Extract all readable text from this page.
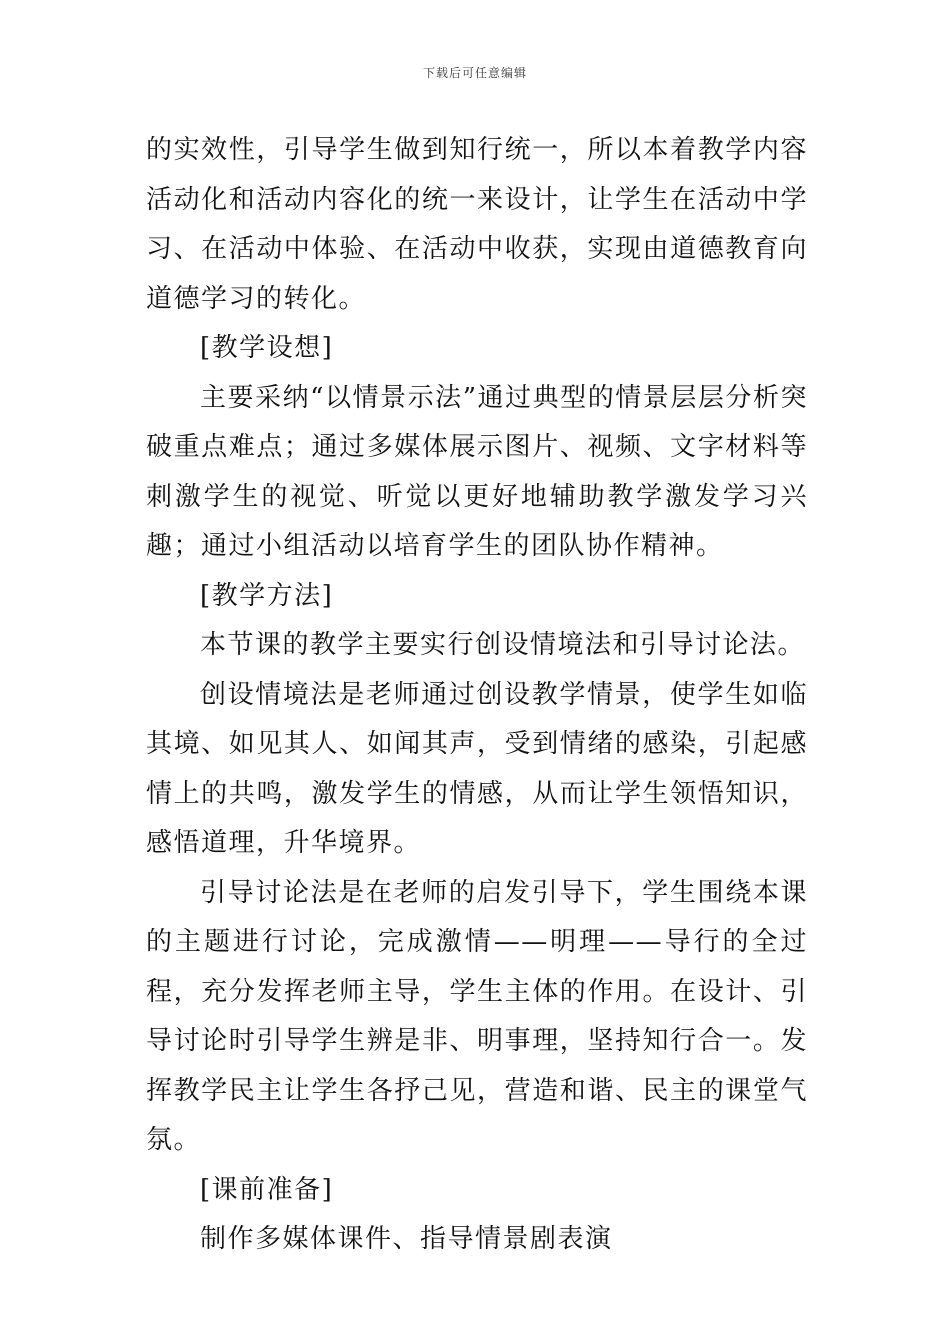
下载后可任意编辑

的实效性，引导学生做到知行统一，所以本着教学内容活动化和活动内容化的统一来设计，让学生在活动中学习、在活动中体验、在活动中收获，实现由道德教育向道德学习的转化。

[教学设想]

主要采纳“以情景示法”通过典型的情景层层分析突破重点难点；通过多媒体展示图片、视频、文字材料等刺激学生的视觉、听觉以更好地辅助教学激发学习兴趣；通过小组活动以培育学生的团队协作精神。

[教学方法]

本节课的教学主要实行创设情境法和引导讨论法。

创设情境法是老师通过创设教学情景，使学生如临其境、如见其人、如闻其声，受到情绪的感染，引起感情上的共鸣，激发学生的情感，从而让学生领悟知识，感悟道理，升华境界。

引导讨论法是在老师的启发引导下，学生围绕本课的主题进行讨论，完成激情——明理——导行的全过程，充分发挥老师主导，学生主体的作用。在设计、引导讨论时引导学生辨是非、明事理，坚持知行合一。发挥教学民主让学生各抒己见，营造和谐、民主的课堂气氛。

[课前准备]

制作多媒体课件、指导情景剧表演
